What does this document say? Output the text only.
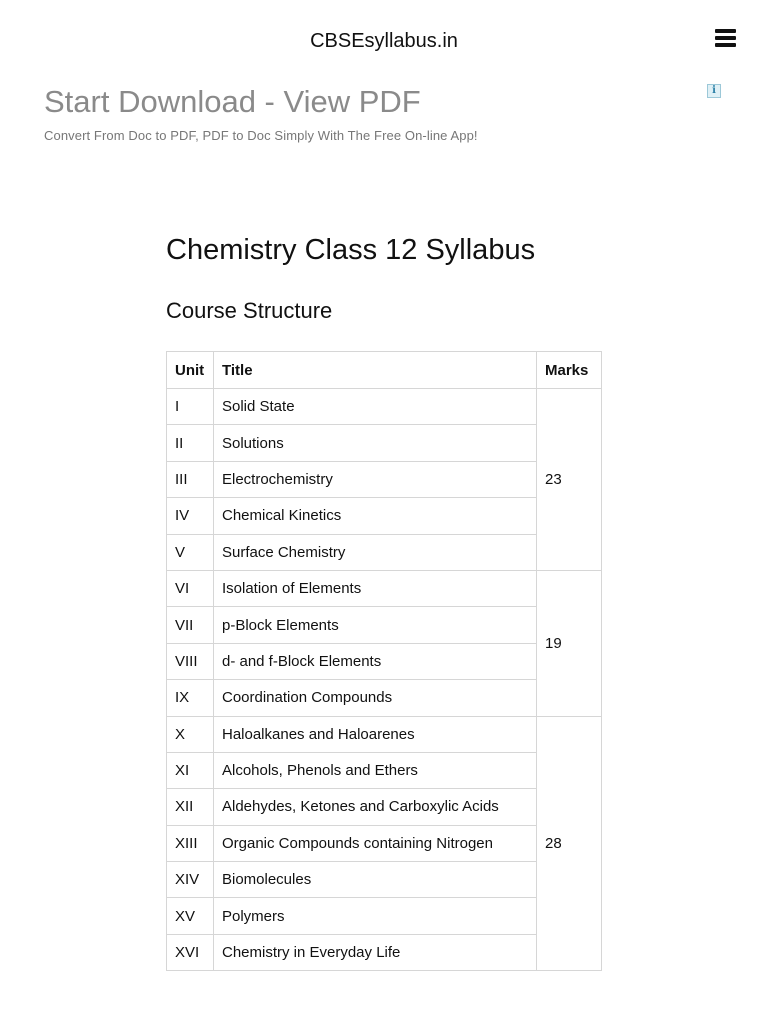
CBSEsyllabus.in
Start Download - View PDF
Convert From Doc to PDF, PDF to Doc Simply With The Free On-line App!
i
Chemistry Class 12 Syllabus
Course Structure
Unit	Title	Marks
I	Solid State	23
II	Solutions	
III	Electrochemistry	
IV	Chemical Kinetics	
V	Surface Chemistry	
VI	Isolation of Elements	19
VII	p-Block Elements	
VIII	d- and f-Block Elements	
IX	Coordination Compounds	
X	Haloalkanes and Haloarenes	28
XI	Alcohols, Phenols and Ethers	
XII	Aldehydes, Ketones and Carboxylic Acids	
XIII	Organic Compounds containing Nitrogen	
XIV	Biomolecules	
XV	Polymers	
XVI	Chemistry in Everyday Life	
